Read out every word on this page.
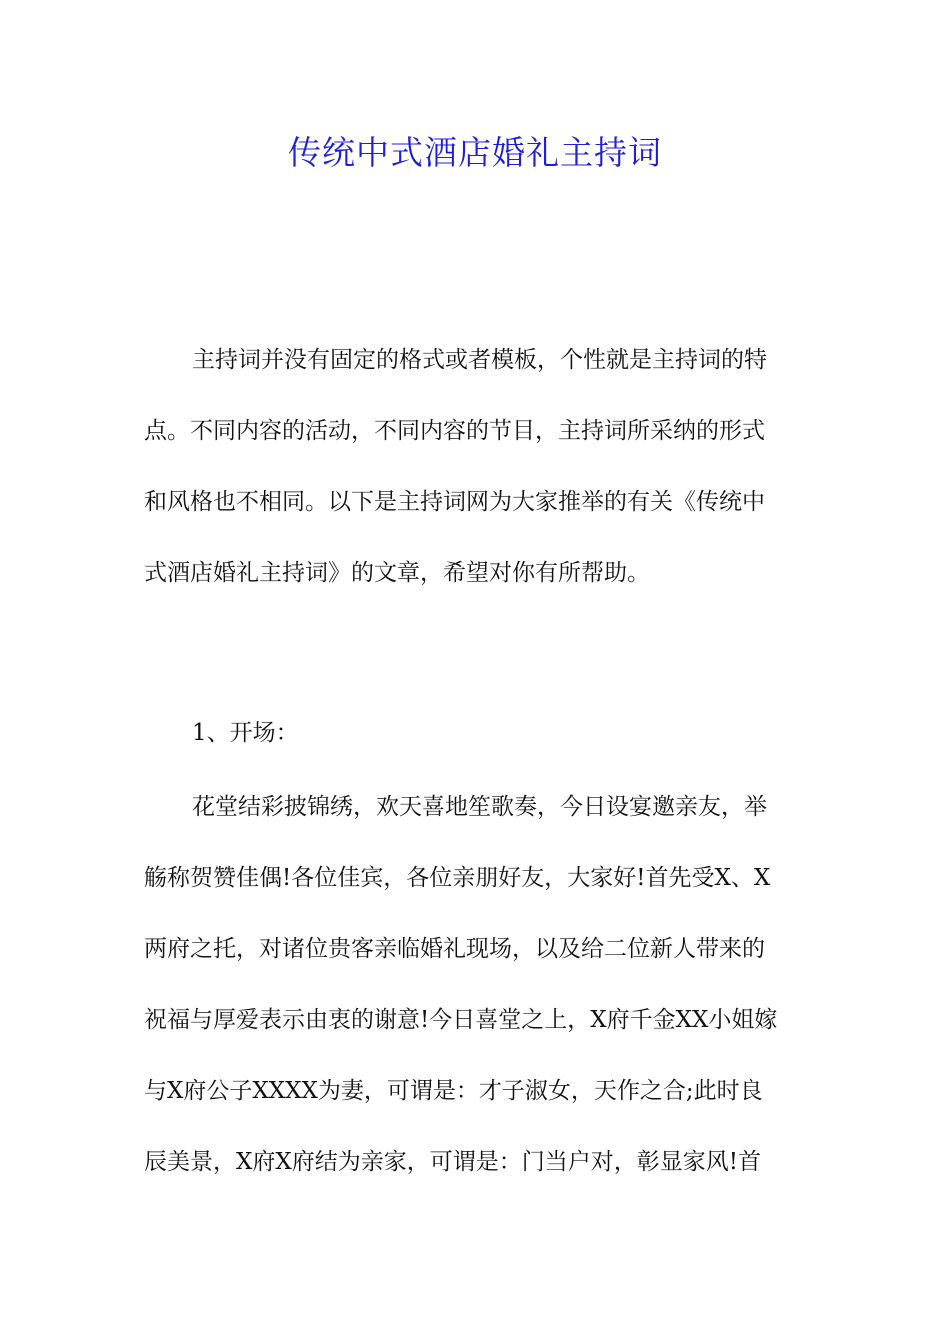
传统中式酒店婚礼主持词
主持词并没有固定的格式或者模板，个性就是主持词的特
点。不同内容的活动，不同内容的节目，主持词所采纳的形式
和风格也不相同。以下是主持词网为大家推举的有关《传统中
式酒店婚礼主持词》的文章，希望对你有所帮助。
1、开场：
花堂结彩披锦绣，欢天喜地笙歌奏，今日设宴邀亲友，举
觞称贺赞佳偶!各位佳宾，各位亲朋好友，大家好!首先受X、X
两府之托，对诸位贵客亲临婚礼现场，以及给二位新人带来的
祝福与厚爱表示由衷的谢意!今日喜堂之上，X府千金XX小姐嫁
与X府公子XXXX为妻，可谓是：才子淑女，天作之合;此时良
辰美景，X府X府结为亲家，可谓是：门当户对，彰显家风!首
